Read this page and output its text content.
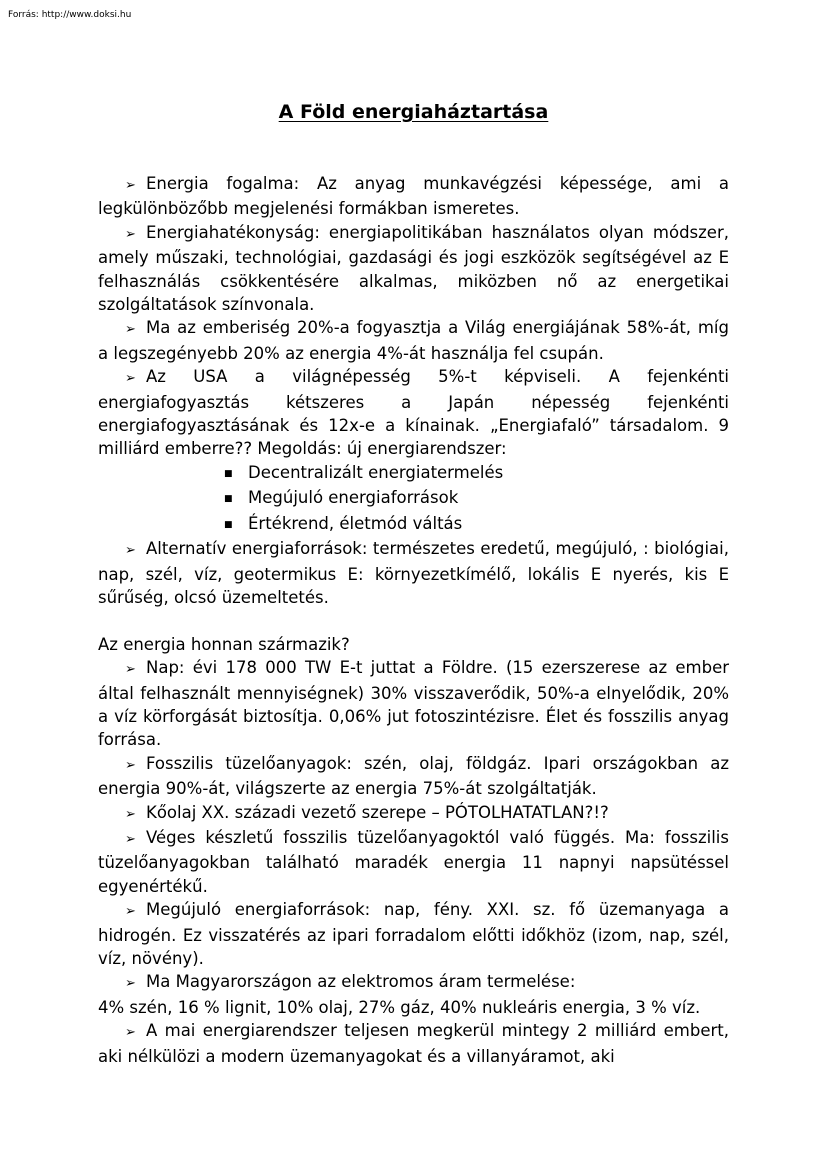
Forrás: http://www.doksi.hu
A Föld energiaháztartása

➢ Energia fogalma: Az anyag munkavégzési képessége, ami a legkülönbözőbb megjelenési formákban ismeretes.

➢ Energiahatékonyság: energiapolitikában használatos olyan módszer, amely műszaki, technológiai, gazdasági és jogi eszközök segítségével az E felhasználás csökkentésére alkalmas, miközben nő az energetikai szolgáltatások színvonala.

➢ Ma az emberiség 20%-a fogyasztja a Világ energiájának 58%-át, míg a legszegényebb 20% az energia 4%-át használja fel csupán.

➢ Az USA a világnépesség 5%-t képviseli. A fejenkénti energiafogyasztás kétszeres a Japán népesség fejenkénti energiafogyasztásának és 12x-e a kínainak. „Energiafaló” társadalom. 9 milliárd emberre?? Megoldás: új energiarendszer:

■ Decentralizált energiatermelés
■ Megújuló energiaforrások
■ Értékrend, életmód váltás

➢ Alternatív energiaforrások: természetes eredetű, megújuló, : biológiai, nap, szél, víz, geotermikus E: környezetkímélő, lokális E nyerés, kis E sűrűség, olcsó üzemeltetés.

Az energia honnan származik?

➢ Nap: évi 178 000 TW E-t juttat a Földre. (15 ezerszerese az ember által felhasznált mennyiségnek) 30% visszaverődik, 50%-a elnyelődik, 20% a víz körforgását biztosítja. 0,06% jut fotoszintézisre. Élet és fosszilis anyag forrása.

➢ Fosszilis tüzelőanyagok: szén, olaj, földgáz. Ipari országokban az energia 90%-át, világszerte az energia 75%-át szolgáltatják.

➢ Kőolaj XX. századi vezető szerepe – PÓTOLHATATLAN?!?

➢ Véges készletű fosszilis tüzelőanyagoktól való függés. Ma: fosszilis tüzelőanyagokban található maradék energia 11 napnyi napsütéssel egyenértékű.

➢ Megújuló energiaforrások: nap, fény. XXI. sz. fő üzemanyaga a hidrogén. Ez visszatérés az ipari forradalom előtti időkhöz (izom, nap, szél, víz, növény).

➢ Ma Magyarországon az elektromos áram termelése:

4% szén, 16 % lignit, 10% olaj, 27% gáz, 40% nukleáris energia, 3 % víz.

➢ A mai energiarendszer teljesen megkerül mintegy 2 milliárd embert, aki nélkülözi a modern üzemanyagokat és a villanyáramot, aki
